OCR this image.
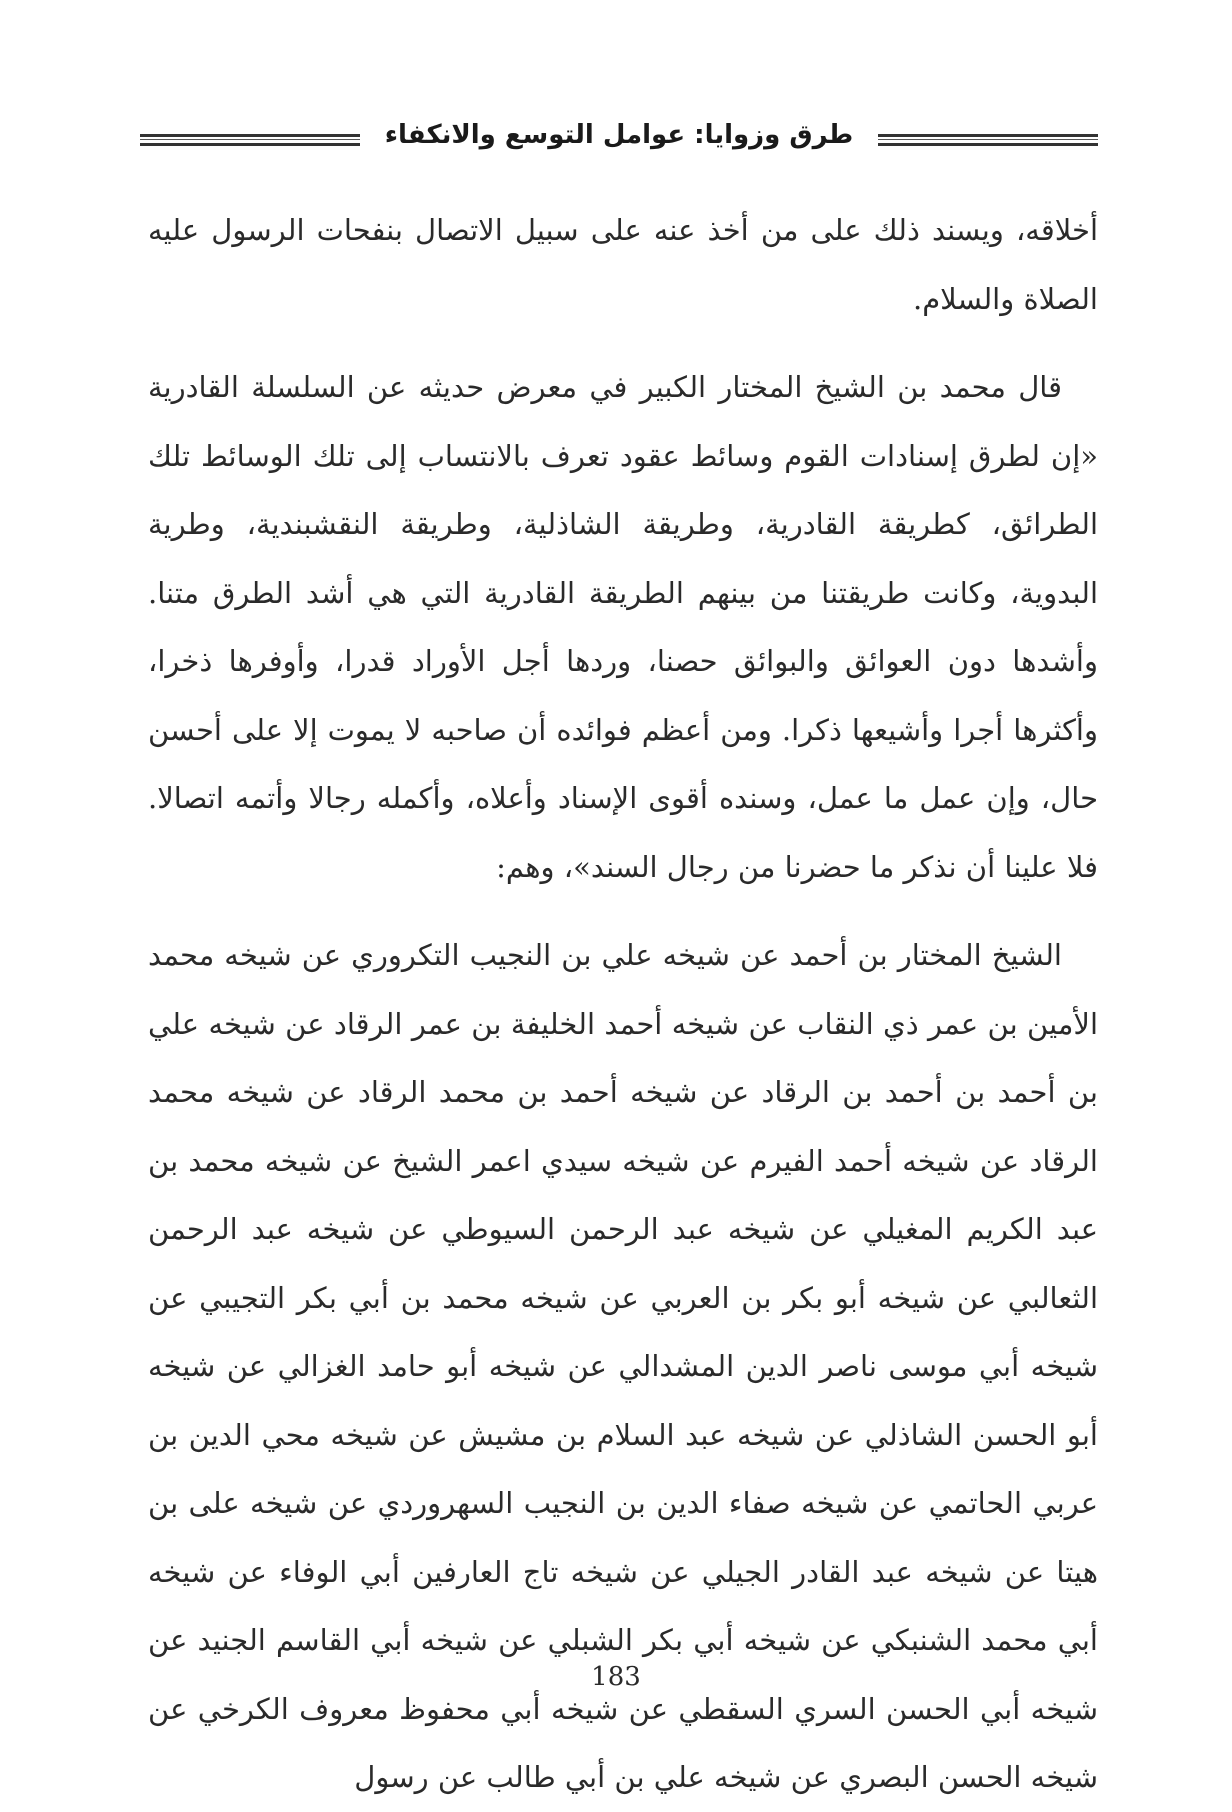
طرق وزوايا: عوامل التوسع والانكفاء

أخلاقه، ويسند ذلك على من أخذ عنه على سبيل الاتصال بنفحات الرسول عليه الصلاة والسلام.

قال محمد بن الشيخ المختار الكبير في معرض حديثه عن السلسلة القادرية «إن لطرق إسنادات القوم وسائط عقود تعرف بالانتساب إلى تلك الوسائط تلك الطرائق، كطريقة القادرية، وطريقة الشاذلية، وطريقة النقشبندية، وطرية البدوية، وكانت طريقتنا من بينهم الطريقة القادرية التي هي أشد الطرق متنا. وأشدها دون العوائق والبوائق حصنا، وردها أجل الأوراد قدرا، وأوفرها ذخرا، وأكثرها أجرا وأشيعها ذكرا. ومن أعظم فوائده أن صاحبه لا يموت إلا على أحسن حال، وإن عمل ما عمل، وسنده أقوى الإسناد وأعلاه، وأكمله رجالا وأتمه اتصالا. فلا علينا أن نذكر ما حضرنا من رجال السند»، وهم:

الشيخ المختار بن أحمد عن شيخه علي بن النجيب التكروري عن شيخه محمد الأمين بن عمر ذي النقاب عن شيخه أحمد الخليفة بن عمر الرقاد عن شيخه علي بن أحمد بن أحمد بن الرقاد عن شيخه أحمد بن محمد الرقاد عن شيخه محمد الرقاد عن شيخه أحمد الفيرم عن شيخه سيدي اعمر الشيخ عن شيخه محمد بن عبد الكريم المغيلي عن شيخه عبد الرحمن السيوطي عن شيخه عبد الرحمن الثعالبي عن شيخه أبو بكر بن العربي عن شيخه محمد بن أبي بكر التجيبي عن شيخه أبي موسى ناصر الدين المشدالي عن شيخه أبو حامد الغزالي عن شيخه أبو الحسن الشاذلي عن شيخه عبد السلام بن مشيش عن شيخه محي الدين بن عربي الحاتمي عن شيخه صفاء الدين بن النجيب السهروردي عن شيخه على بن هيتا عن شيخه عبد القادر الجيلي عن شيخه تاج العارفين أبي الوفاء عن شيخه أبي محمد الشنبكي عن شيخه أبي بكر الشبلي عن شيخه أبي القاسم الجنيد عن شيخه أبي الحسن السري السقطي عن شيخه أبي محفوظ معروف الكرخي عن شيخه الحسن البصري عن شيخه علي بن أبي طالب عن رسول

183
